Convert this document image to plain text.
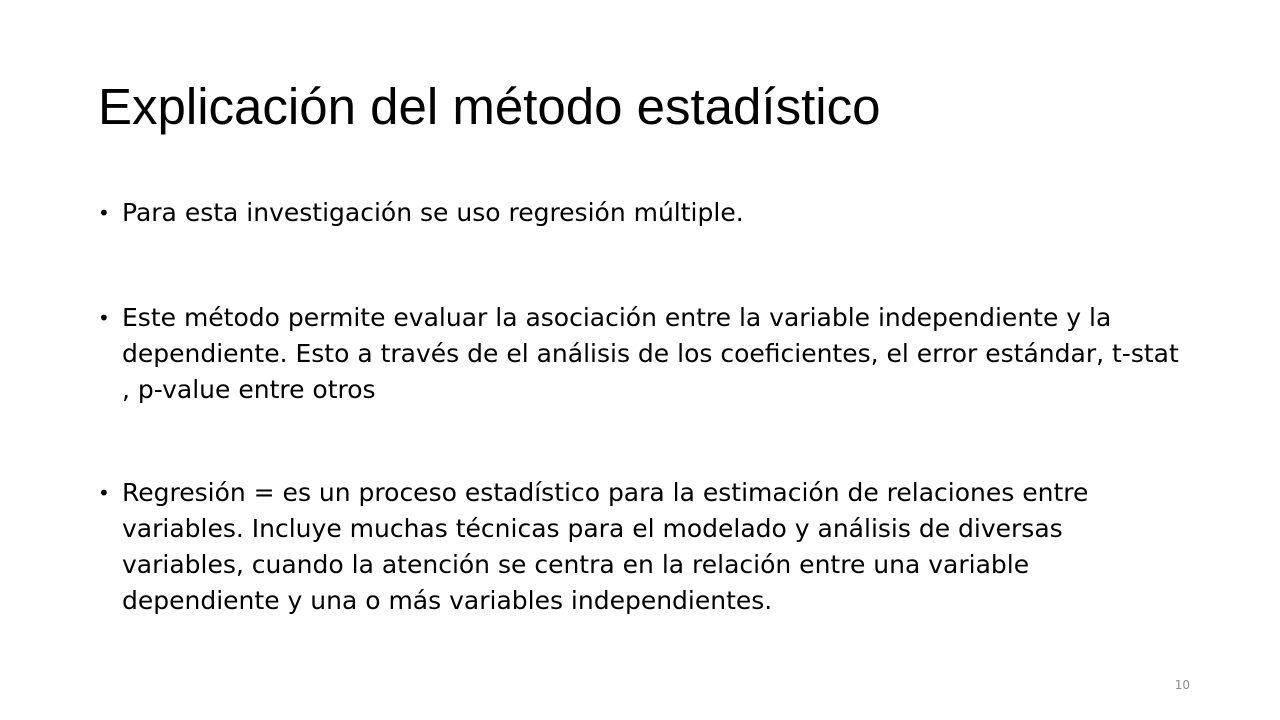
Explicación del método estadístico
• Para esta investigación se uso regresión múltiple.
• Este método permite evaluar la asociación entre la variable independiente y la dependiente. Esto a través de el análisis de los coeficientes, el error estándar, t-stat , p-value entre otros
• Regresión = es un proceso estadístico para la estimación de relaciones entre variables. Incluye muchas técnicas para el modelado y análisis de diversas variables, cuando la atención se centra en la relación entre una variable dependiente y una o más variables independientes.
10
